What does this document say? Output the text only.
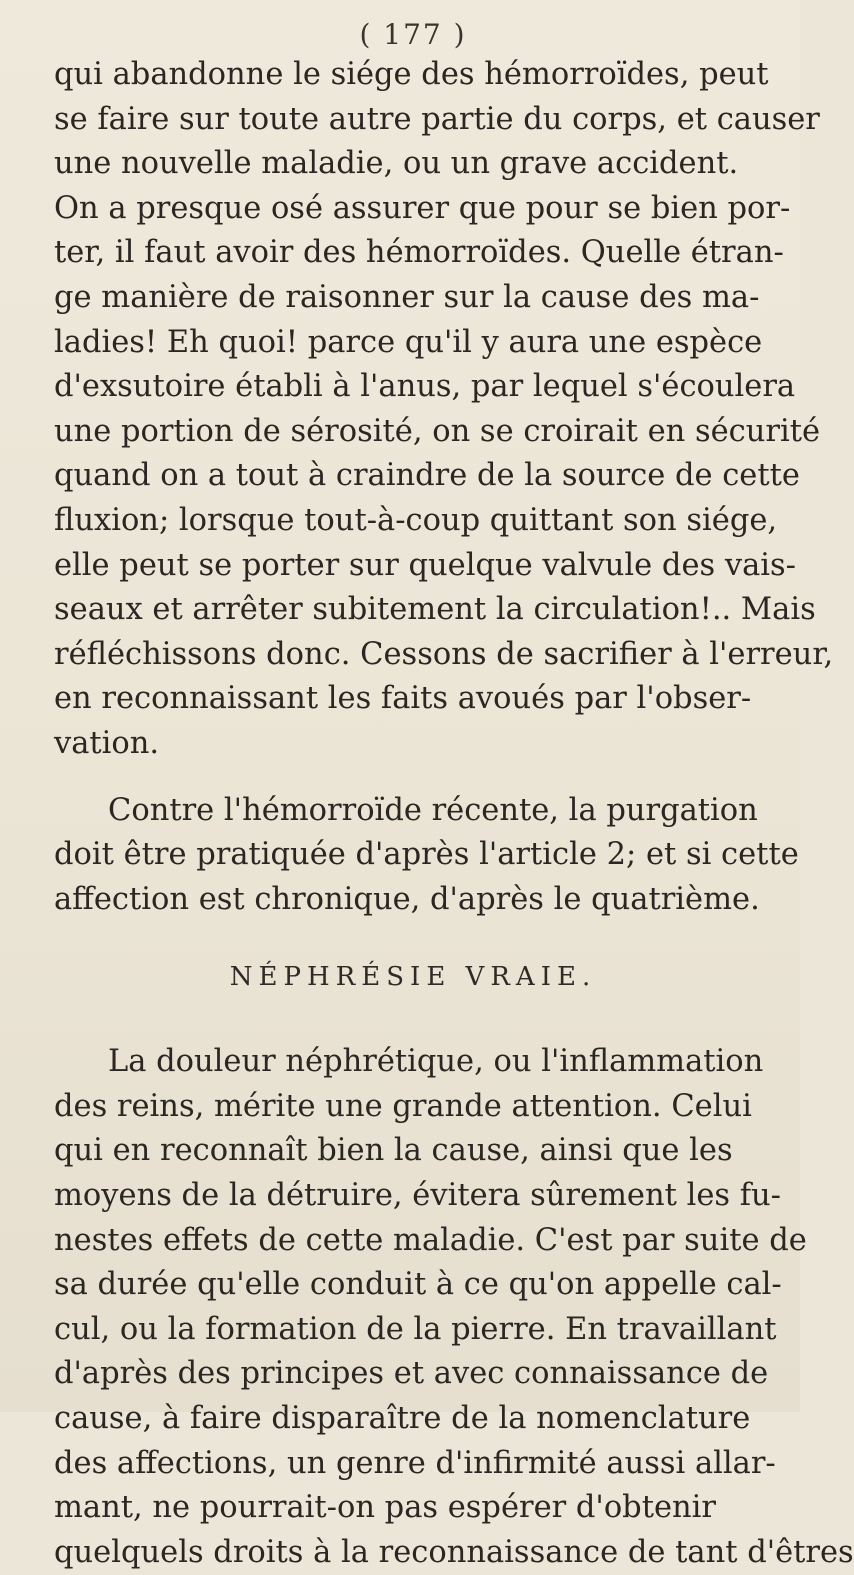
( 177 )

qui abandonne le siége des hémorroïdes, peut
se faire sur toute autre partie du corps, et causer
une nouvelle maladie, ou un grave accident.
On a presque osé assurer que pour se bien por-
ter, il faut avoir des hémorroïdes. Quelle étran-
ge manière de raisonner sur la cause des ma-
ladies! Eh quoi! parce qu'il y aura une espèce
d'exsutoire établi à l'anus, par lequel s'écoulera
une portion de sérosité, on se croirait en sécurité
quand on a tout à craindre de la source de cette
fluxion; lorsque tout-à-coup quittant son siége,
elle peut se porter sur quelque valvule des vais-
seaux et arrêter subitement la circulation!.. Mais
réfléchissons donc. Cessons de sacrifier à l'erreur,
en reconnaissant les faits avoués par l'obser-
vation.

Contre l'hémorroïde récente, la purgation
doit être pratiquée d'après l'article 2; et si cette
affection est chronique, d'après le quatrième.

NÉPHRÉSIE VRAIE.

La douleur néphrétique, ou l'inflammation
des reins, mérite une grande attention. Celui
qui en reconnaît bien la cause, ainsi que les
moyens de la détruire, évitera sûrement les fu-
nestes effets de cette maladie. C'est par suite de
sa durée qu'elle conduit à ce qu'on appelle cal-
cul, ou la formation de la pierre. En travaillant
d'après des principes et avec connaissance de
cause, à faire disparaître de la nomenclature
des affections, un genre d'infirmité aussi allar-
mant, ne pourrait-on pas espérer d'obtenir
quelquels droits à la reconnaissance de tant d'êtres
